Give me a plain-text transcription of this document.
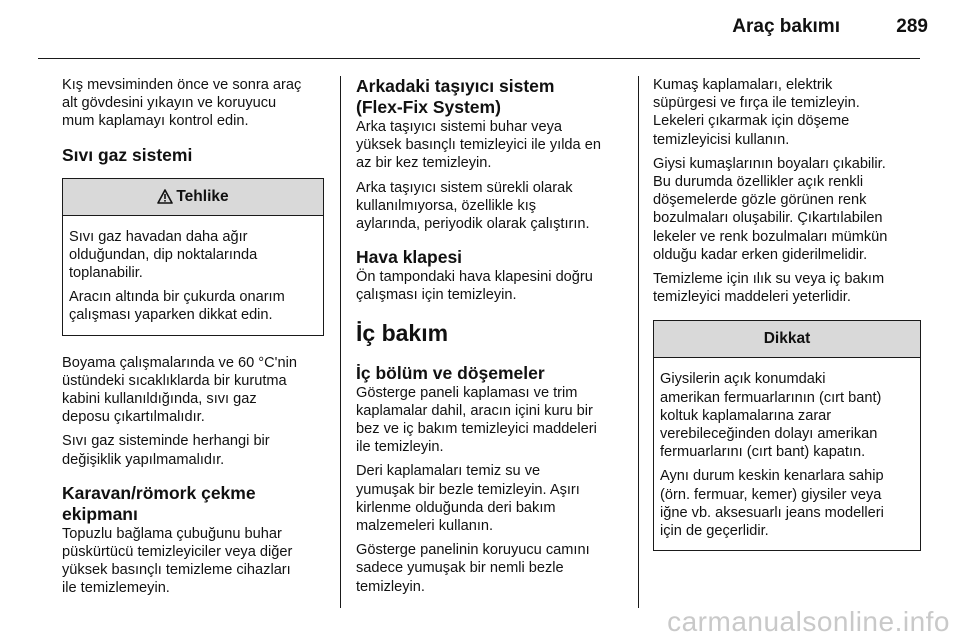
Araç bakımı	289

Kış mevsiminden önce ve sonra araç
alt gövdesini yıkayın ve koruyucu
mum kaplamayı kontrol edin.

Sıvı gaz sistemi
Tehlike

Sıvı gaz havadan daha ağır
olduğundan, dip noktalarında
toplanabilir.

Aracın altında bir çukurda onarım
çalışması yaparken dikkat edin.

Boyama çalışmalarında ve 60 °C'nin
üstündeki sıcaklıklarda bir kurutma
kabini kullanıldığında, sıvı gaz
deposu çıkartılmalıdır.

Sıvı gaz sisteminde herhangi bir
değişiklik yapılmamalıdır.

Karavan/römork çekme
ekipmanı

Topuzlu bağlama çubuğunu buhar
püskürtücü temizleyiciler veya diğer
yüksek basınçlı temizleme cihazları
ile temizlemeyin.

Arkadaki taşıyıcı sistem
(Flex-Fix System)

Arka taşıyıcı sistemi buhar veya
yüksek basınçlı temizleyici ile yılda en
az bir kez temizleyin.

Arka taşıyıcı sistem sürekli olarak
kullanılmıyorsa, özellikle kış
aylarında, periyodik olarak çalıştırın.

Hava klapesi

Ön tampondaki hava klapesini doğru
çalışması için temizleyin.

İç bakım
İç bölüm ve döşemeler

Gösterge paneli kaplaması ve trim
kaplamalar dahil, aracın içini kuru bir
bez ve iç bakım temizleyici maddeleri
ile temizleyin.

Deri kaplamaları temiz su ve
yumuşak bir bezle temizleyin. Aşırı
kirlenme olduğunda deri bakım
malzemeleri kullanın.

Gösterge panelinin koruyucu camını
sadece yumuşak bir nemli bezle
temizleyin.

Kumaş kaplamaları, elektrik
süpürgesi ve fırça ile temizleyin.
Lekeleri çıkarmak için döşeme
temizleyicisi kullanın.

Giysi kumaşlarının boyaları çıkabilir.
Bu durumda özellikler açık renkli
döşemelerde gözle görünen renk
bozulmaları oluşabilir. Çıkartılabilen
lekeler ve renk bozulmaları mümkün
olduğu kadar erken giderilmelidir.

Temizleme için ılık su veya iç bakım
temizleyici maddeleri yeterlidir.

Dikkat

Giysilerin açık konumdaki
amerikan fermuarlarının (cırt bant)
koltuk kaplamalarına zarar
verebileceğinden dolayı amerikan
fermuarlarını (cırt bant) kapatın.

Aynı durum keskin kenarlara sahip
(örn. fermuar, kemer) giysiler veya
iğne vb. aksesuarlı jeans modelleri
için de geçerlidir.

carmanualsonline.info
